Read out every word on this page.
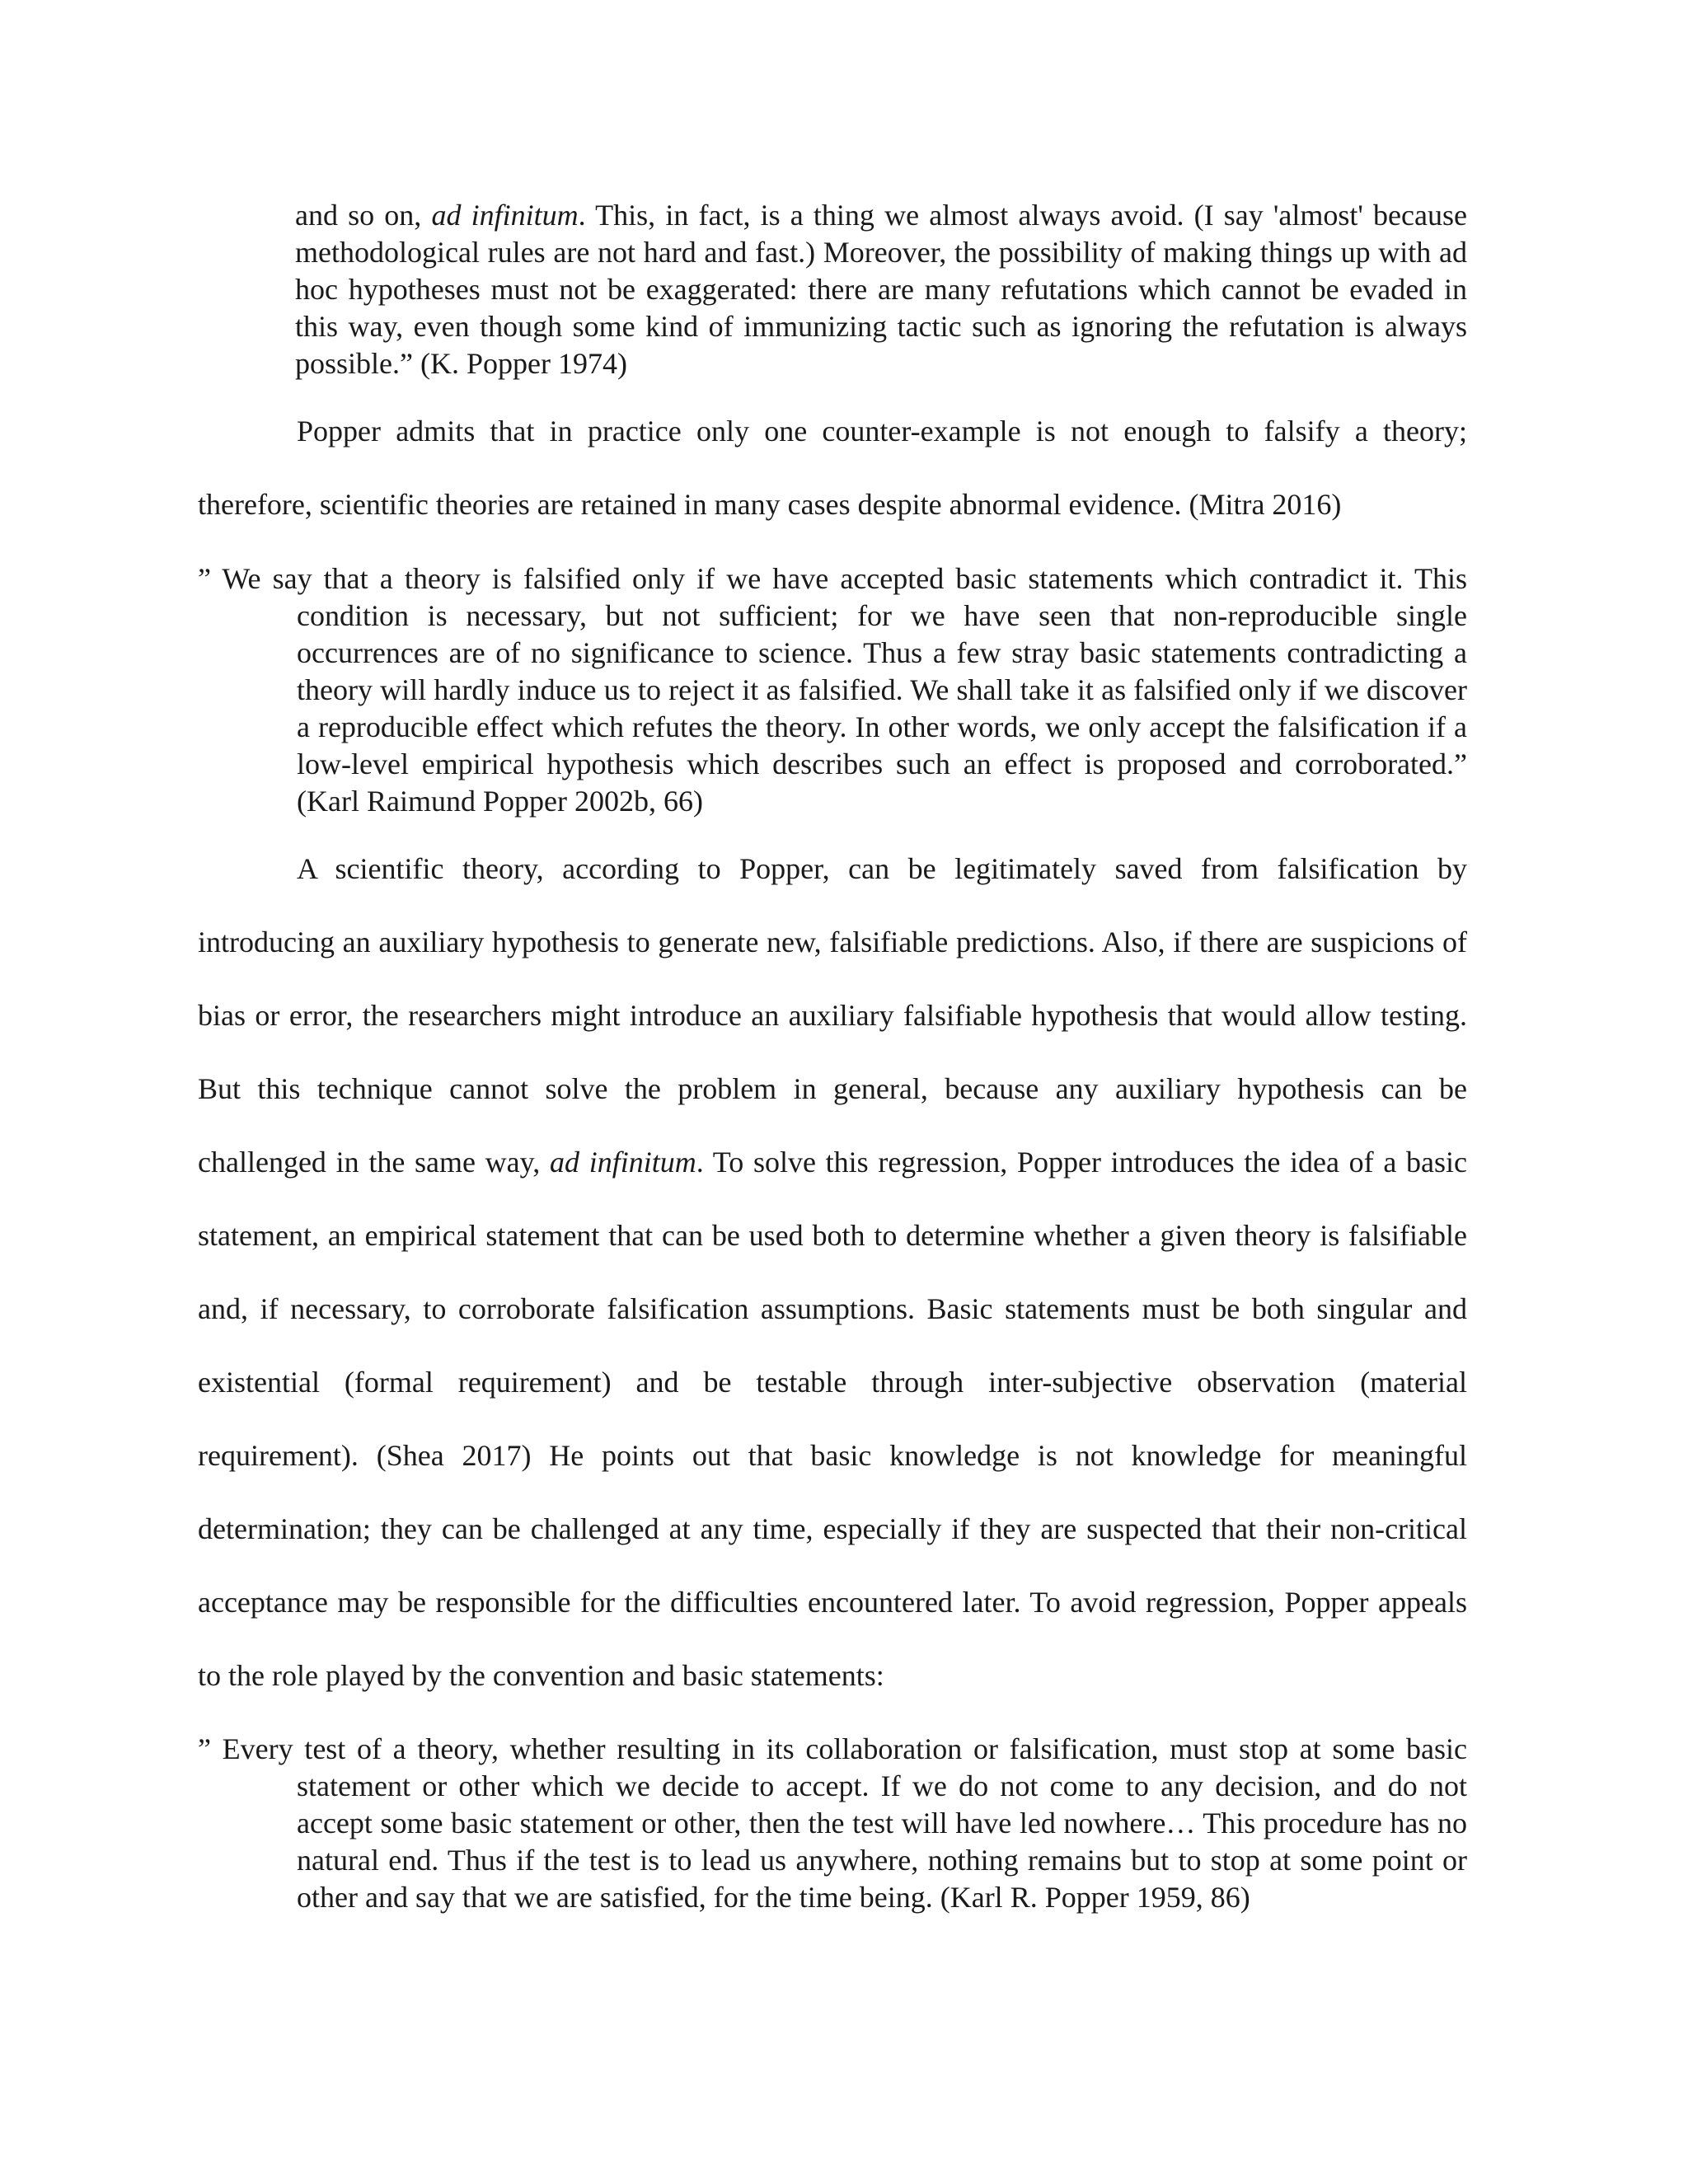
and so on, ad infinitum. This, in fact, is a thing we almost always avoid. (I say 'almost' because methodological rules are not hard and fast.) Moreover, the possibility of making things up with ad hoc hypotheses must not be exaggerated: there are many refutations which cannot be evaded in this way, even though some kind of immunizing tactic such as ignoring the refutation is always possible.” (K. Popper 1974)

Popper admits that in practice only one counter-example is not enough to falsify a theory; therefore, scientific theories are retained in many cases despite abnormal evidence. (Mitra 2016)

” We say that a theory is falsified only if we have accepted basic statements which contradict it. This condition is necessary, but not sufficient; for we have seen that non-reproducible single occurrences are of no significance to science. Thus a few stray basic statements contradicting a theory will hardly induce us to reject it as falsified. We shall take it as falsified only if we discover a reproducible effect which refutes the theory. In other words, we only accept the falsification if a low-level empirical hypothesis which describes such an effect is proposed and corroborated.” (Karl Raimund Popper 2002b, 66)

A scientific theory, according to Popper, can be legitimately saved from falsification by introducing an auxiliary hypothesis to generate new, falsifiable predictions. Also, if there are suspicions of bias or error, the researchers might introduce an auxiliary falsifiable hypothesis that would allow testing. But this technique cannot solve the problem in general, because any auxiliary hypothesis can be challenged in the same way, ad infinitum. To solve this regression, Popper introduces the idea of a basic statement, an empirical statement that can be used both to determine whether a given theory is falsifiable and, if necessary, to corroborate falsification assumptions. Basic statements must be both singular and existential (formal requirement) and be testable through inter-subjective observation (material requirement). (Shea 2017) He points out that basic knowledge is not knowledge for meaningful determination; they can be challenged at any time, especially if they are suspected that their non-critical acceptance may be responsible for the difficulties encountered later. To avoid regression, Popper appeals to the role played by the convention and basic statements:

” Every test of a theory, whether resulting in its collaboration or falsification, must stop at some basic statement or other which we decide to accept. If we do not come to any decision, and do not accept some basic statement or other, then the test will have led nowhere… This procedure has no natural end. Thus if the test is to lead us anywhere, nothing remains but to stop at some point or other and say that we are satisfied, for the time being. (Karl R. Popper 1959, 86)
